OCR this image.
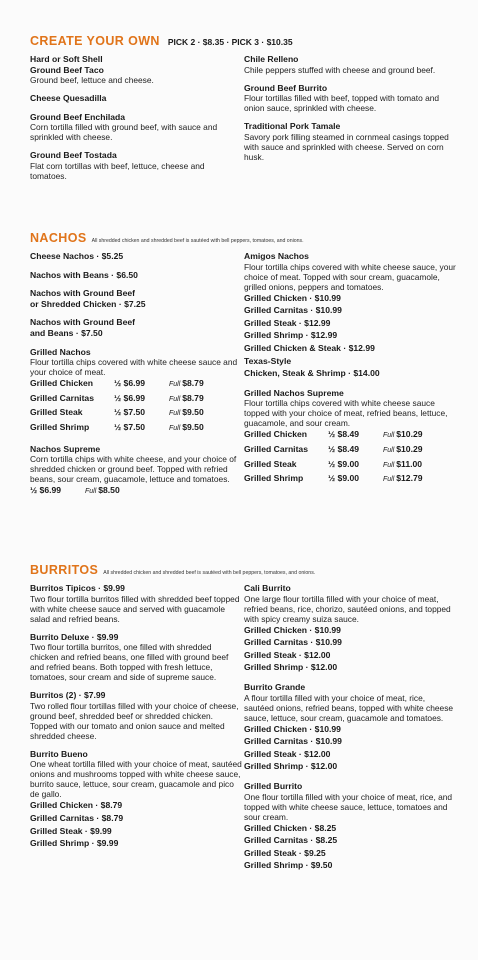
CREATE YOUR OWN PICK 2 · $8.35 · PICK 3 · $10.35
Hard or Soft Shell
Ground Beef Taco
Ground beef, lettuce and cheese.
Cheese Quesadilla
Ground Beef Enchilada
Corn tortilla filled with ground beef, with sauce and sprinkled with cheese.
Ground Beef Tostada
Flat corn tortillas with beef, lettuce, cheese and tomatoes.
Chile Relleno
Chile peppers stuffed with cheese and ground beef.
Ground Beef Burrito
Flour tortillas filled with beef, topped with tomato and onion sauce, sprinkled with cheese.
Traditional Pork Tamale
Savory pork filling steamed in cornmeal casings topped with sauce and sprinkled with cheese. Served on corn husk.
NACHOS All shredded chicken and shredded beef is sautéed with bell peppers, tomatoes, and onions.
Cheese Nachos · $5.25
Nachos with Beans · $6.50
Nachos with Ground Beef
or Shredded Chicken · $7.25
Nachos with Ground Beef
and Beans · $7.50
Grilled Nachos
Flour tortilla chips covered with white cheese sauce and your choice of meat.
Grilled Chicken	½ $6.99	Full $8.79
Grilled Carnitas	½ $6.99	Full $8.79
Grilled Steak	½ $7.50	Full $9.50
Grilled Shrimp	½ $7.50	Full $9.50
Nachos Supreme
Corn tortilla chips with white cheese, and your choice of shredded chicken or ground beef. Topped with refried beans, sour cream, guacamole, lettuce and tomatoes.
½ $6.99	Full $8.50
Amigos Nachos
Flour tortilla chips covered with white cheese sauce, your choice of meat. Topped with sour cream, guacamole, grilled onions, peppers and tomatoes.
Grilled Chicken · $10.99
Grilled Carnitas · $10.99
Grilled Steak · $12.99
Grilled Shrimp · $12.99
Grilled Chicken & Steak · $12.99
Texas-Style
Chicken, Steak & Shrimp · $14.00
Grilled Nachos Supreme
Flour tortilla chips covered with white cheese sauce topped with your choice of meat, refried beans, lettuce, guacamole, and sour cream.
Grilled Chicken	½ $8.49	Full $10.29
Grilled Carnitas	½ $8.49	Full $10.29
Grilled Steak	½ $9.00	Full $11.00
Grilled Shrimp	½ $9.00	Full $12.79
BURRITOS All shredded chicken and shredded beef is sautéed with bell peppers, tomatoes, and onions.
Burritos Tipicos · $9.99
Two flour tortilla burritos filled with shredded beef topped with white cheese sauce and served with guacamole salad and refried beans.
Burrito Deluxe · $9.99
Two flour tortilla burritos, one filled with shredded chicken and refried beans, one filled with ground beef and refried beans. Both topped with fresh lettuce, tomatoes, sour cream and side of supreme sauce.
Burritos (2) · $7.99
Two rolled flour tortillas filled with your choice of cheese, ground beef, shredded beef or shredded chicken. Topped with our tomato and onion sauce and melted shredded cheese.
Burrito Bueno
One wheat tortilla filled with your choice of meat, sautéed onions and mushrooms topped with white cheese sauce, burrito sauce, lettuce, sour cream, guacamole and pico de gallo.
Grilled Chicken · $8.79
Grilled Carnitas · $8.79
Grilled Steak · $9.99
Grilled Shrimp · $9.99
Cali Burrito
One large flour tortilla filled with your choice of meat, refried beans, rice, chorizo, sautéed onions, and topped with spicy creamy suiza sauce.
Grilled Chicken · $10.99
Grilled Carnitas · $10.99
Grilled Steak · $12.00
Grilled Shrimp · $12.00
Burrito Grande
A flour tortilla filled with your choice of meat, rice, sautéed onions, refried beans, topped with white cheese sauce, lettuce, sour cream, guacamole and tomatoes.
Grilled Chicken · $10.99
Grilled Carnitas · $10.99
Grilled Steak · $12.00
Grilled Shrimp · $12.00
Grilled Burrito
One flour tortilla filled with your choice of meat, rice, and topped with white cheese sauce, lettuce, tomatoes and sour cream.
Grilled Chicken · $8.25
Grilled Carnitas · $8.25
Grilled Steak · $9.25
Grilled Shrimp · $9.50
